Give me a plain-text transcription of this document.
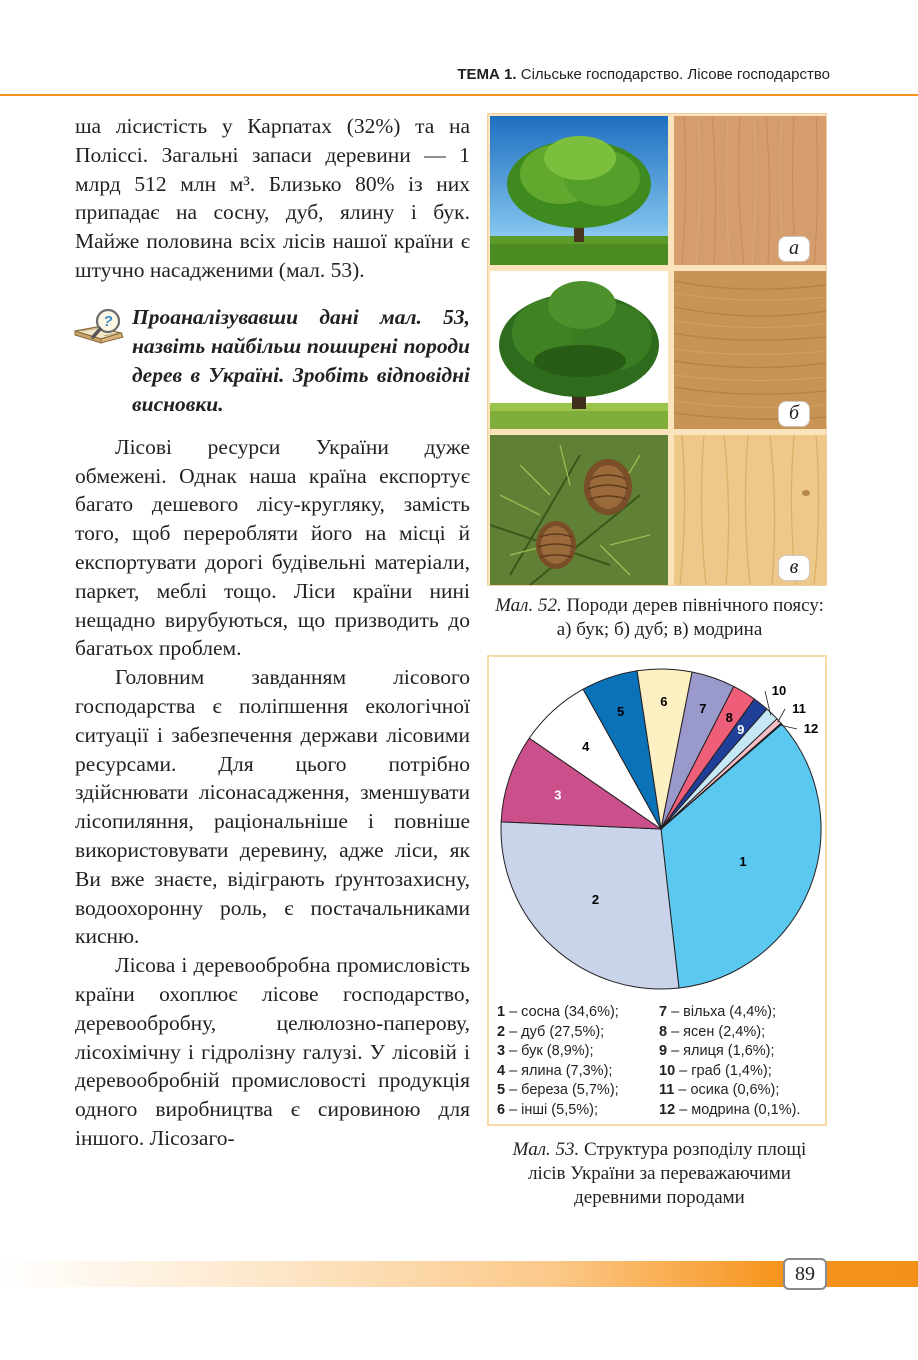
ТЕМА 1. Сільське господарство. Лісове господарство

ша лісистість у Карпатах (32%) та на Поліссі. Загальні запаси деревини — 1 млрд 512 млн м³. Близько 80% із них припадає на сосну, дуб, ялину і бук. Майже половина всіх лісів нашої країни є штучно насадженими (мал. 53).

? Проаналізувавши дані мал. 53, назвіть найбільш поширені породи дерев в Україні. Зробіть відповідні висновки.

Лісові ресурси України дуже обмежені. Однак наша країна експортує багато дешевого лісу-кругляку, замість того, щоб переробляти його на місці й експортувати дорогі будівельні матеріали, паркет, меблі тощо. Ліси країни нині нещадно вирубуються, що призводить до багатьох проблем.

Головним завданням лісового господарства є поліпшення екологічної ситуації і забезпечення держави лісовими ресурсами. Для цього потрібно здійснювати лісонасадження, зменшувати лісопиляння, раціональніше і повніше використовувати деревину, адже ліси, як Ви вже знаєте, відіграють ґрунтозахисну, водоохоронну роль, є постачальниками кисню.

Лісова і деревообробна промисловість країни охоплює лісове господарство, деревообробну, целюлозно-паперову, лісохімічну і гідролізну галузі. У лісовій і деревообробній промисловості продукція одного виробництва є сировиною для іншого. Лісозаго-

а
б
в
Мал. 52. Породи дерев північного поясу: а) бук; б) дуб; в) модрина
1
2
3
4
5
6 7
8
9
10
11
12
1 – сосна (34,6%);
2 – дуб (27,5%);
3 – бук (8,9%);
4 – ялина (7,3%);
5 – береза (5,7%);
6 – інші (5,5%);
7 – вільха (4,4%);
8 – ясен (2,4%);
9 – ялиця (1,6%);
10 – граб (1,4%);
11 – осика (0,6%);
12 – модрина (0,1%).
Мал. 53. Структура розподілу площі лісів України за переважаючими деревними породами
89
